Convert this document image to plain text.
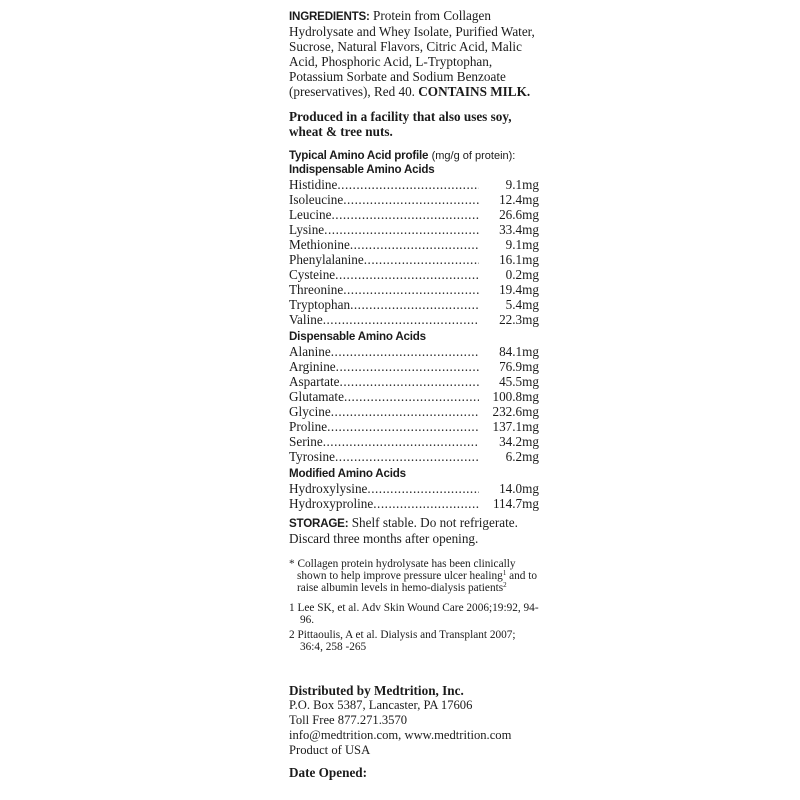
INGREDIENTS: Protein from Collagen Hydrolysate and Whey Isolate, Purified Water, Sucrose, Natural Flavors, Citric Acid, Malic Acid, Phosphoric Acid, L-Tryptophan, Potassium Sorbate and Sodium Benzoate (preservatives), Red 40. CONTAINS MILK.

Produced in a facility that also uses soy, wheat & tree nuts.

Typical Amino Acid profile (mg/g of protein):

Indispensable Amino Acids

Histidine .....	9.1mg
Isoleucine .....	12.4mg
Leucine .....	26.6mg
Lysine .....	33.4mg
Methionine .....	9.1mg
Phenylalanine .....	16.1mg
Cysteine .....	0.2mg
Threonine .....	19.4mg
Tryptophan .....	5.4mg
Valine .....	22.3mg

Dispensable Amino Acids

Alanine .....	84.1mg
Arginine .....	76.9mg
Aspartate .....	45.5mg
Glutamate .....	100.8mg
Glycine .....	232.6mg
Proline .....	137.1mg
Serine .....	34.2mg
Tyrosine .....	6.2mg

Modified Amino Acids

Hydroxylysine .....	14.0mg
Hydroxyproline .....	114.7mg

STORAGE: Shelf stable. Do not refrigerate. Discard three months after opening.

* Collagen protein hydrolysate has been clinically shown to help improve pressure ulcer healing$^1$ and to raise albumin levels in hemo-dialysis patients$^2$

1 Lee SK, et al. Adv Skin Wound Care 2006;19:92, 94-96.

2 Pittaoulis, A et al. Dialysis and Transplant 2007; 36:4, 258 -265

Distributed by Medtrition, Inc.

P.O. Box 5387, Lancaster, PA 17606

Toll Free 877.271.3570

info@medtrition.com, www.medtrition.com

Product of USA

Date Opened:
